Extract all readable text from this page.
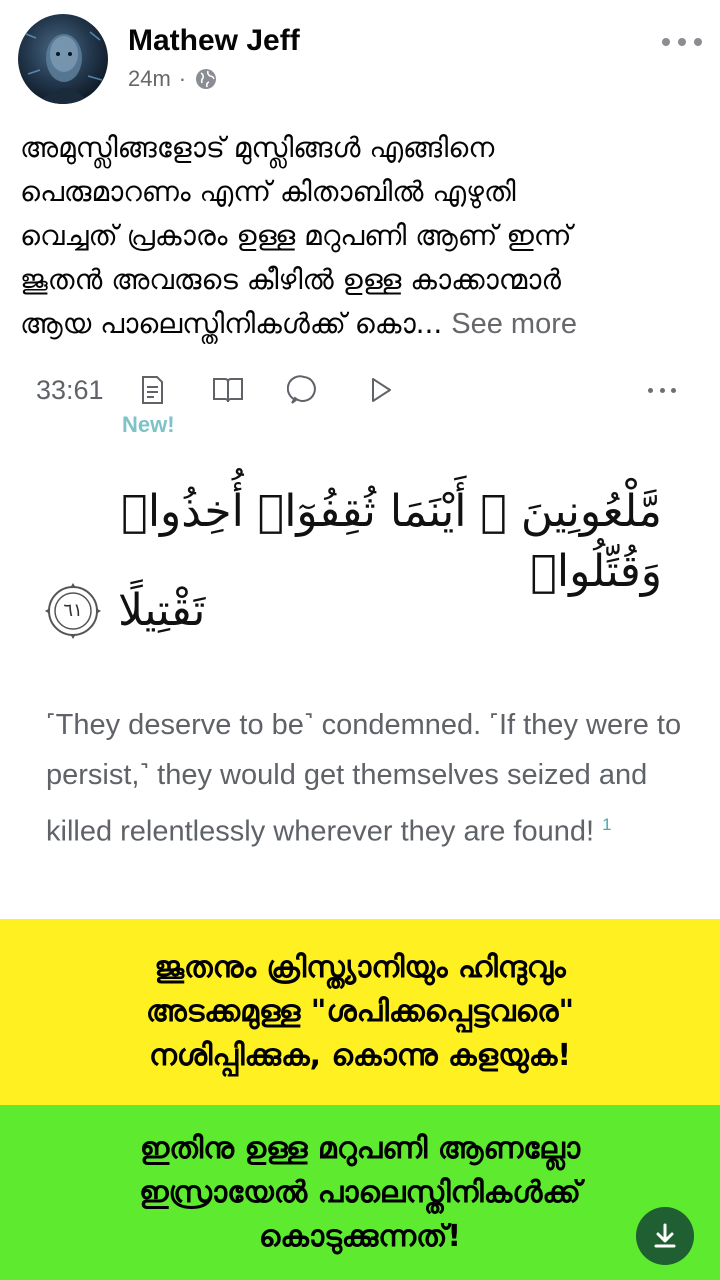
Mathew Jeff
24m ·
അമുസ്ലിങ്ങളോട് മുസ്ലിങ്ങൾ എങ്ങിനെ
പെരുമാറണം എന്ന് കിതാബിൽ എഴുതി
വെച്ചത് പ്രകാരം ഉള്ള മറുപണി ആണ് ഇന്ന്
ജൂതൻ അവരുടെ കീഴിൽ ഉള്ള കാക്കാന്മാർ
ആയ പാലെസ്തിനികൾക്ക് കൊ... See more
33:61
New!
مَّلْعُونِينَ ۖ أَيْنَمَا ثُقِفُوٓا۟ أُخِذُوا۟ وَقُتِّلُوا۟
تَقْتِيلًا
٦١
˹They deserve to be˺ condemned. ˹If they were to persist,˺ they would get themselves seized and killed relentlessly wherever they are found! $^1$
ജൂതനും ക്രിസ്ത്യാനിയും ഹിന്ദുവും
അടക്കമുള്ള "ശപിക്കപ്പെട്ടവരെ"
നശിപ്പിക്കുക, കൊന്നു കളയുക!
ഇതിനു ഉള്ള മറുപണി ആണല്ലോ
ഇസ്രായേൽ പാലെസ്തിനികൾക്ക്
കൊടുക്കുന്നത്!
